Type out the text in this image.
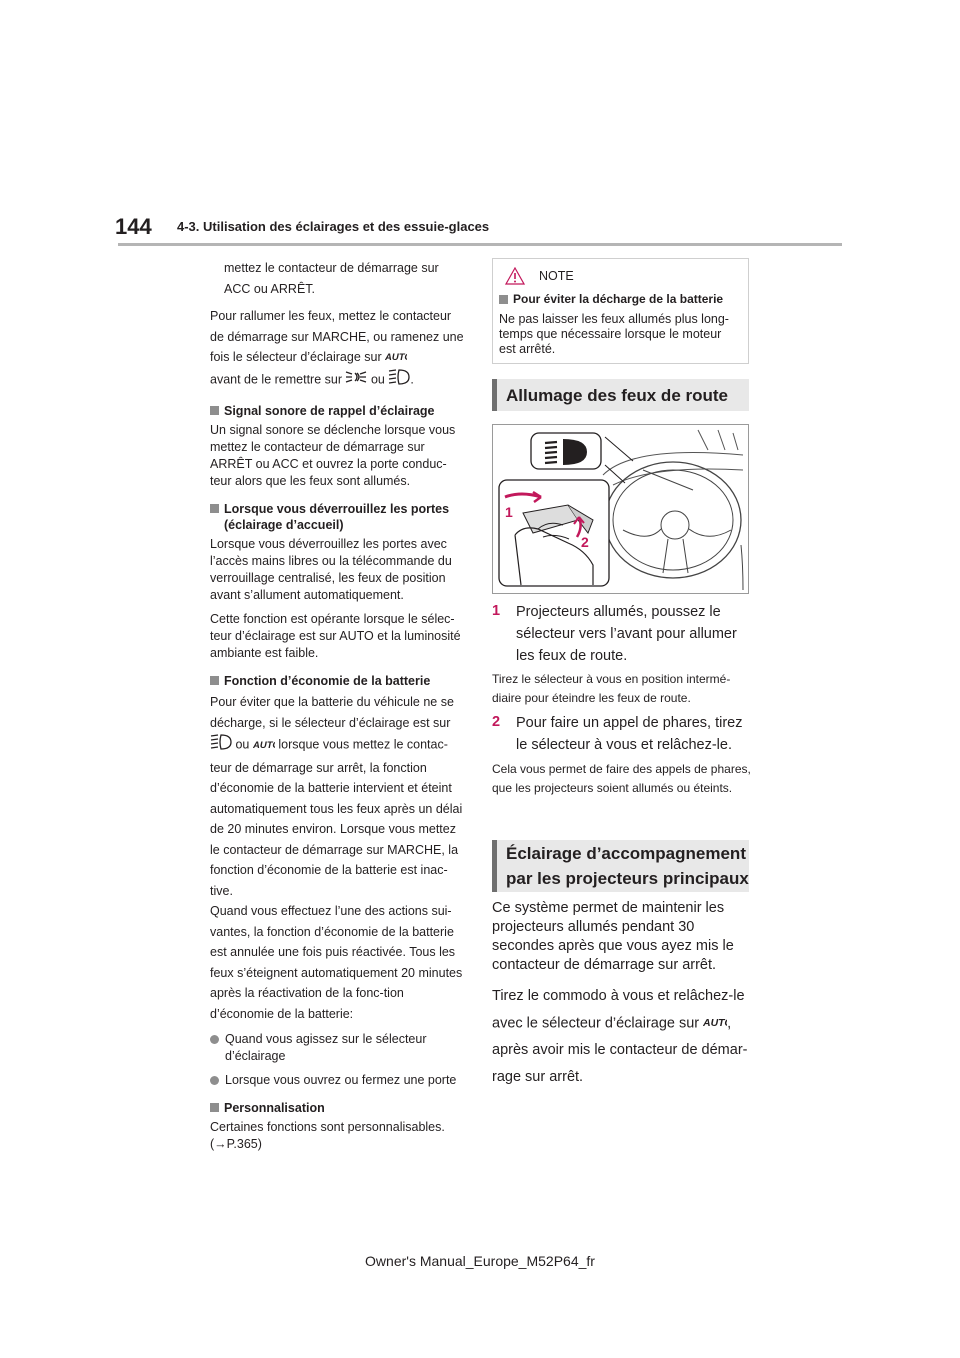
144 4-3. Utilisation des éclairages et des essuie-glaces

mettez le contacteur de démarrage sur ACC ou ARRÊT.

Pour rallumer les feux, mettez le contacteur de démarrage sur MARCHE, ou ramenez une fois le sélecteur d’éclairage sur AUT

avant de le remettre sur  ou .

Signal sonore de rappel d’éclairage

Un signal sonore se déclenche lorsque vous mettez le contacteur de démarrage sur ARRÊT ou ACC et ouvrez la porte conduc-teur alors que les feux sont allumés.

Lorsque vous déverrouillez les portes (éclairage d’accueil)

Lorsque vous déverrouillez les portes avec l’accès mains libres ou la télécommande du verrouillage centralisé, les feux de position avant s’allument automatiquement.

Cette fonction est opérante lorsque le sélec-teur d’éclairage est sur AUTO et la luminosité ambiante est faible.

Fonction d’économie de la batterie

Pour éviter que la batterie du véhicule ne se décharge, si le sélecteur d’éclairage est sur  ou AUT lorsque vous mettez le contac-teur de démarrage sur arrêt, la fonction d’économie de la batterie intervient et éteint automatiquement tous les feux après un délai de 20 minutes environ. Lorsque vous mettez le contacteur de démarrage sur MARCHE, la fonction d’économie de la batterie est inac-tive.

Quand vous effectuez l’une des actions sui-vantes, la fonction d’économie de la batterie est annulée une fois puis réactivée. Tous les feux s’éteignent automatiquement 20 minutes après la réactivation de la fonc-tion d’économie de la batterie:

Quand vous agissez sur le sélecteur d’éclairage
Lorsque vous ouvrez ou fermez une porte
Personnalisation

Certaines fonctions sont personnalisables. (→P.365)

NOTE
Pour éviter la décharge de la batterie
Ne pas laisser les feux allumés plus long-temps que nécessaire lorsque le moteur est arrêté.
Allumage des feux de route
1
2
1	Projecteurs allumés, poussez le sélecteur vers l’avant pour allumer les feux de route.
Tirez le sélecteur à vous en position intermé-diaire pour éteindre les feux de route.
2	Pour faire un appel de phares, tirez le sélecteur à vous et relâchez-le.
Cela vous permet de faire des appels de phares, que les projecteurs soient allumés ou éteints.
Éclairage d’accompagnement par les projecteurs principaux
Ce système permet de maintenir les projecteurs allumés pendant 30 secondes après que vous ayez mis le contacteur de démarrage sur arrêt.
Tirez le commodo à vous et relâchez-le avec le sélecteur d’éclairage sur AUT , après avoir mis le contacteur de démar-rage sur arrêt.
Owner's Manual_Europe_M52P64_fr
